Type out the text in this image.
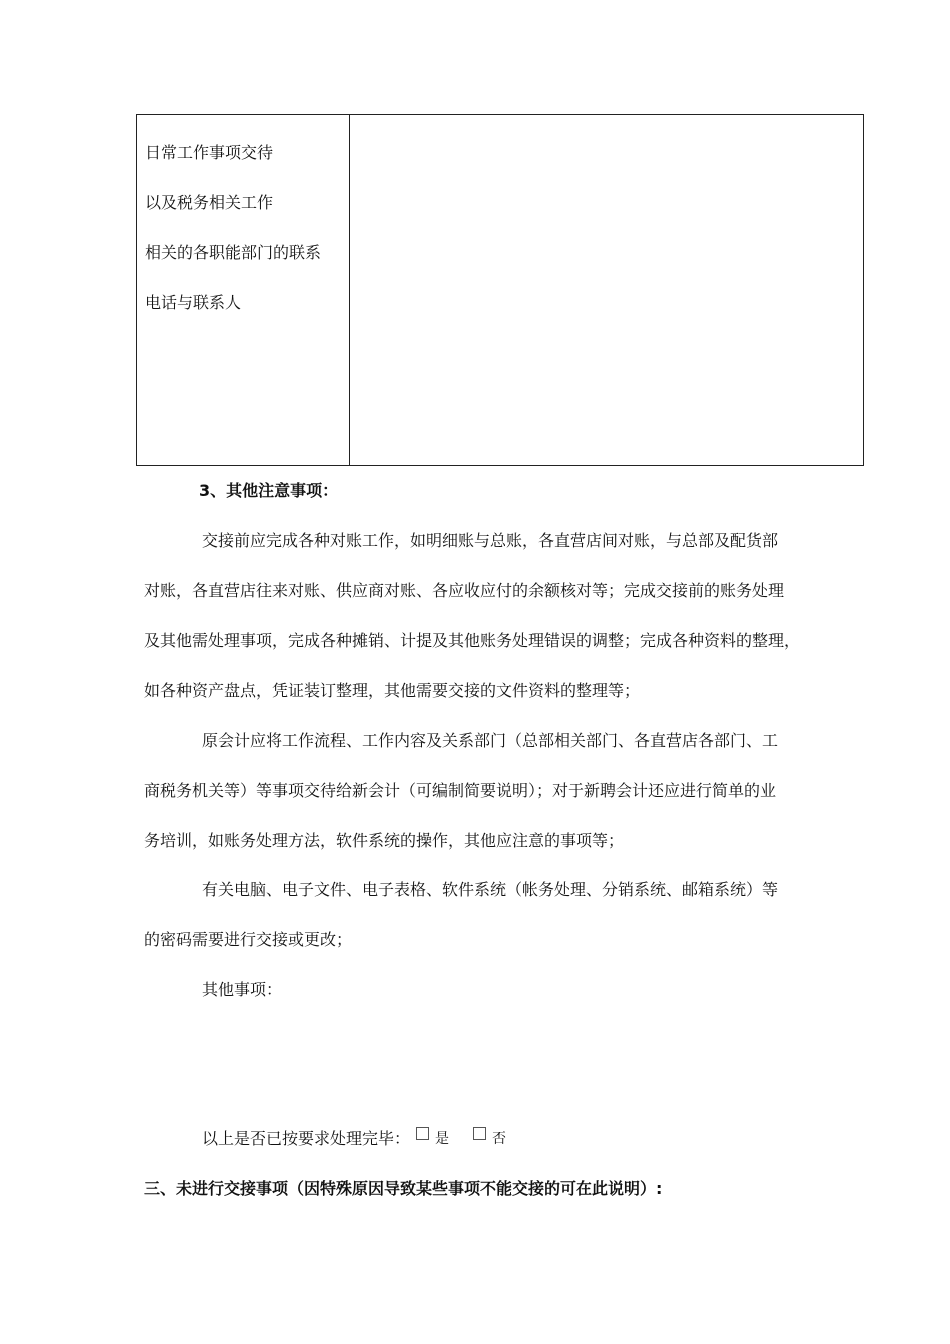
日常工作事项交待
以及税务相关工作
相关的各职能部门的联系
电话与联系人
3、其他注意事项：
交接前应完成各种对账工作，如明细账与总账，各直营店间对账，与总部及配货部
对账，各直营店往来对账、供应商对账、各应收应付的余额核对等；完成交接前的账务处理
及其他需处理事项，完成各种摊销、计提及其他账务处理错误的调整；完成各种资料的整理，
如各种资产盘点，凭证装订整理，其他需要交接的文件资料的整理等；
原会计应将工作流程、工作内容及关系部门（总部相关部门、各直营店各部门、工
商税务机关等）等事项交待给新会计（可编制简要说明）；对于新聘会计还应进行简单的业
务培训，如账务处理方法，软件系统的操作，其他应注意的事项等；
有关电脑、电子文件、电子表格、软件系统（帐务处理、分销系统、邮箱系统）等
的密码需要进行交接或更改；
其他事项：
以上是否已按要求处理完毕： 是	否
三、未进行交接事项（因特殊原因导致某些事项不能交接的可在此说明）:
